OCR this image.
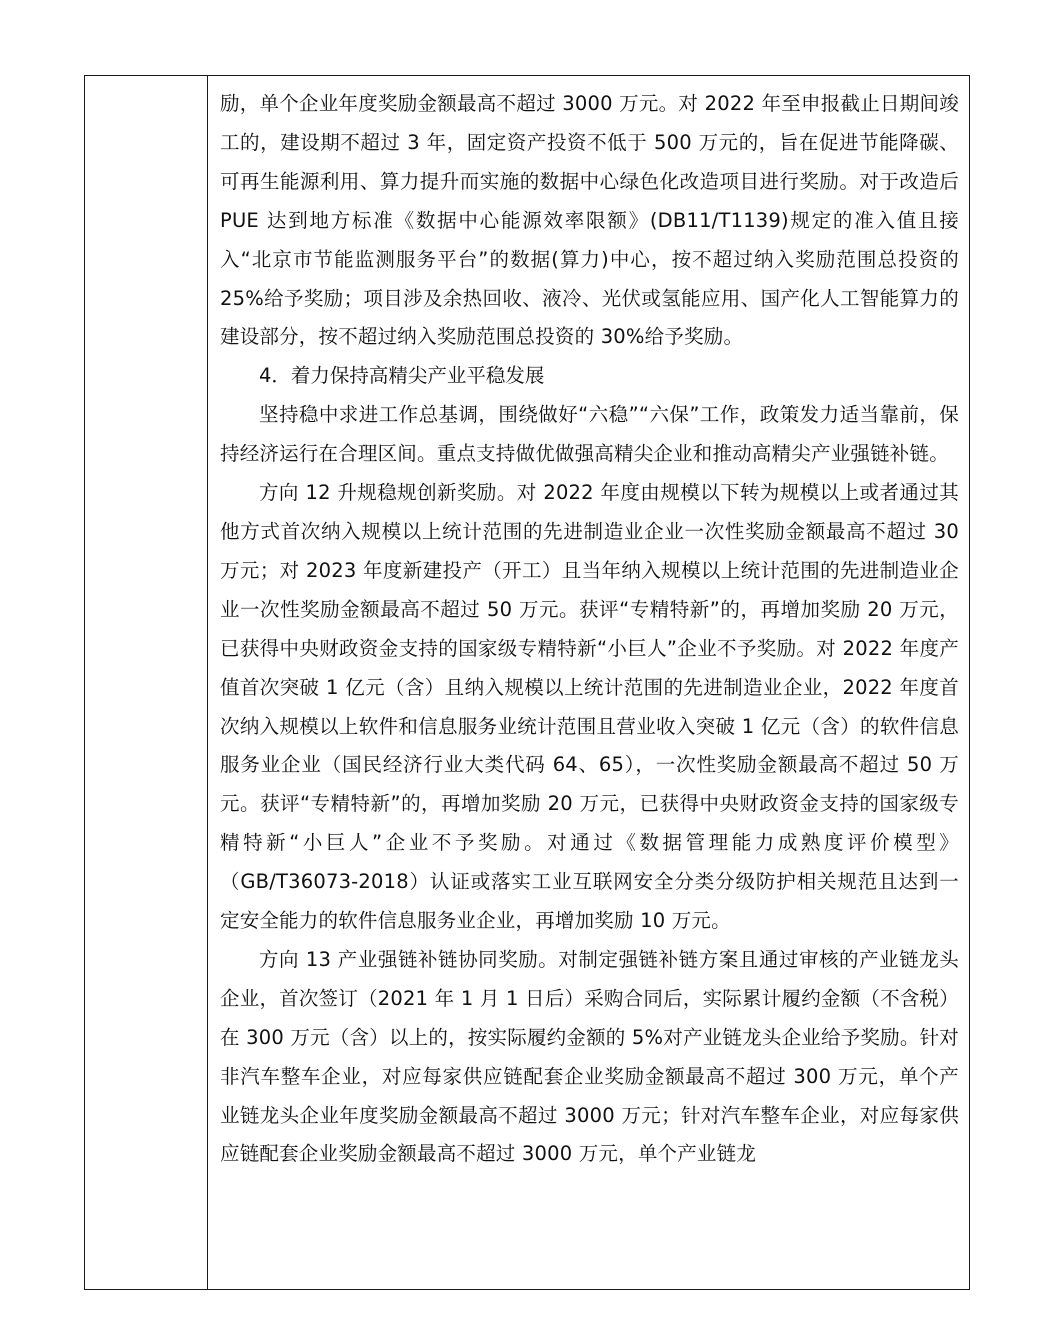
励，单个企业年度奖励金额最高不超过 3000 万元。对 2022 年至申报截止日期间竣工的，建设期不超过 3 年，固定资产投资不低于 500 万元的，旨在促进节能降碳、可再生能源利用、算力提升而实施的数据中心绿色化改造项目进行奖励。对于改造后 PUE 达到地方标准《数据中心能源效率限额》(DB11/T1139)规定的准入值且接入“北京市节能监测服务平台”的数据(算力)中心，按不超过纳入奖励范围总投资的 25%给予奖励；项目涉及余热回收、液冷、光伏或氢能应用、国产化人工智能算力的建设部分，按不超过纳入奖励范围总投资的 30%给予奖励。

4．着力保持高精尖产业平稳发展

坚持稳中求进工作总基调，围绕做好“六稳”“六保”工作，政策发力适当靠前，保持经济运行在合理区间。重点支持做优做强高精尖企业和推动高精尖产业强链补链。

方向 12 升规稳规创新奖励。对 2022 年度由规模以下转为规模以上或者通过其他方式首次纳入规模以上统计范围的先进制造业企业一次性奖励金额最高不超过 30 万元；对 2023 年度新建投产（开工）且当年纳入规模以上统计范围的先进制造业企业一次性奖励金额最高不超过 50 万元。获评“专精特新”的，再增加奖励 20 万元，已获得中央财政资金支持的国家级专精特新“小巨人”企业不予奖励。对 2022 年度产值首次突破 1 亿元（含）且纳入规模以上统计范围的先进制造业企业，2022 年度首次纳入规模以上软件和信息服务业统计范围且营业收入突破 1 亿元（含）的软件信息服务业企业（国民经济行业大类代码 64、65），一次性奖励金额最高不超过 50 万元。获评“专精特新”的，再增加奖励 20 万元，已获得中央财政资金支持的国家级专精特新“小巨人”企业不予奖励。对通过《数据管理能力成熟度评价模型》（GB/T36073-2018）认证或落实工业互联网安全分类分级防护相关规范且达到一定安全能力的软件信息服务业企业，再增加奖励 10 万元。

方向 13 产业强链补链协同奖励。对制定强链补链方案且通过审核的产业链龙头企业，首次签订（2021 年 1 月 1 日后）采购合同后，实际累计履约金额（不含税）在 300 万元（含）以上的，按实际履约金额的 5%对产业链龙头企业给予奖励。针对非汽车整车企业，对应每家供应链配套企业奖励金额最高不超过 300 万元，单个产业链龙头企业年度奖励金额最高不超过 3000 万元；针对汽车整车企业，对应每家供应链配套企业奖励金额最高不超过 3000 万元，单个产业链龙
